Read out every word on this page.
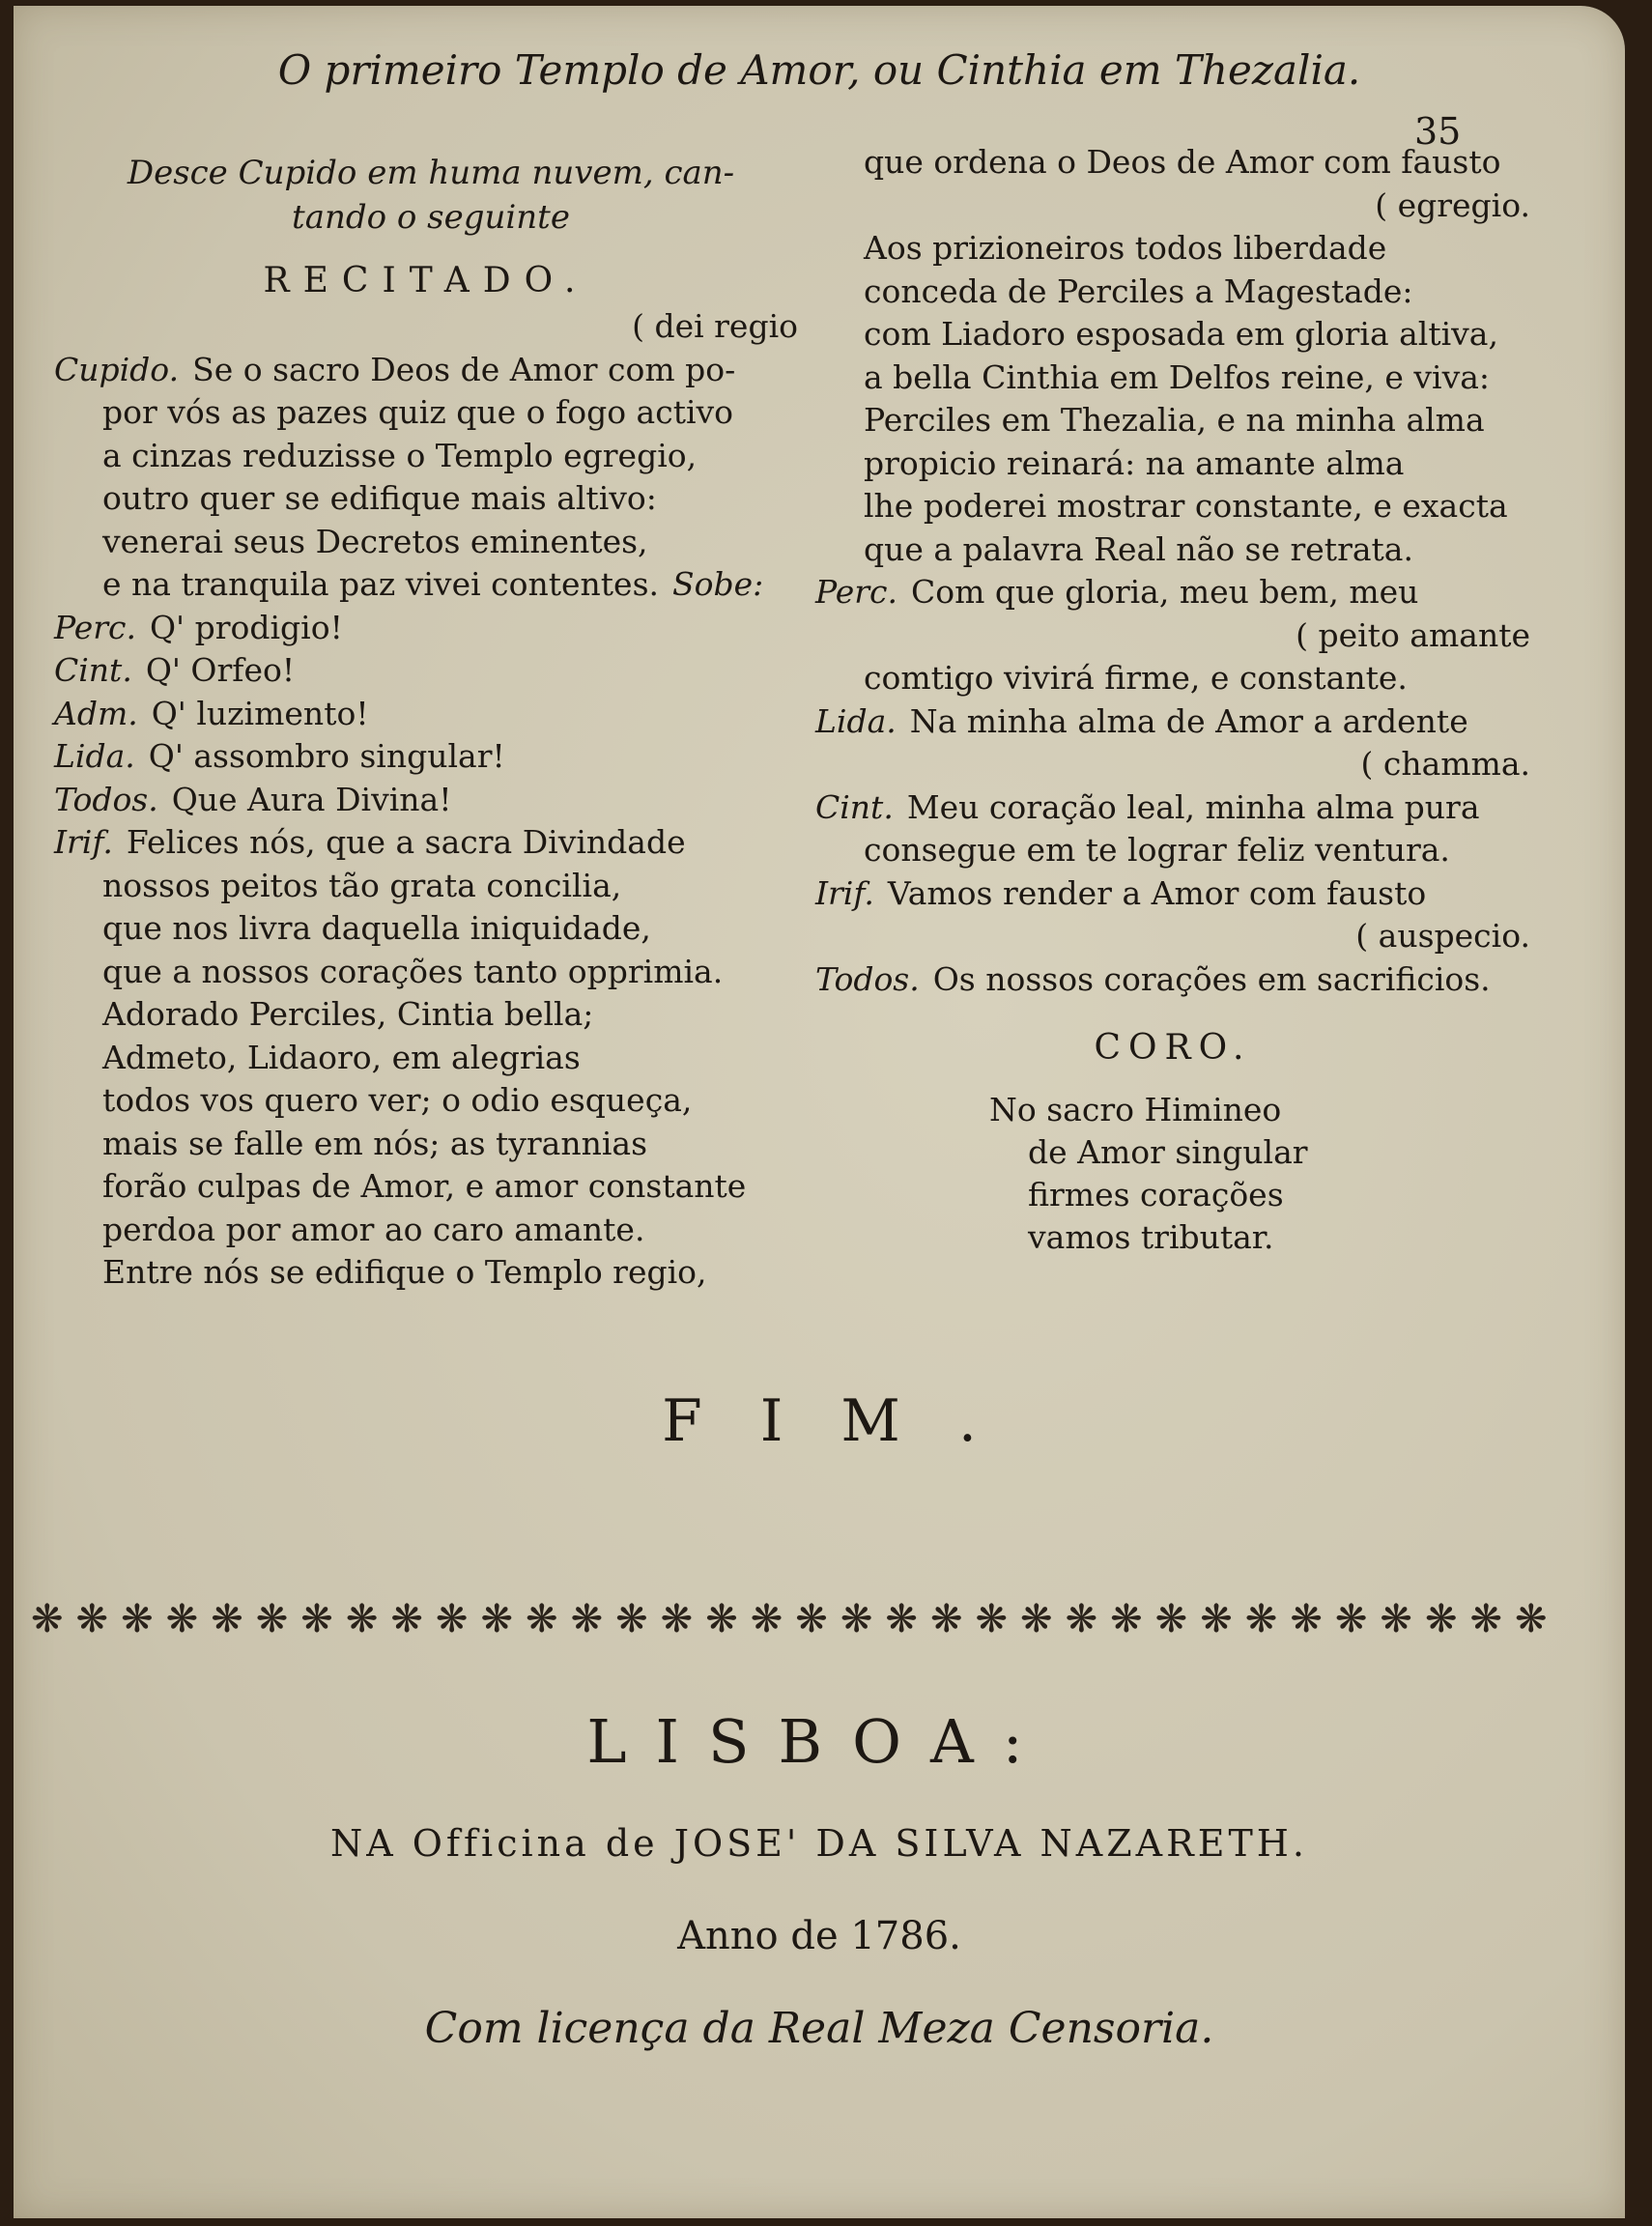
O primeiro Templo de Amor, ou Cinthia em Thezalia.
35
Desce Cupido em huma nuvem, can-
tando o seguinte
RECITADO.
( dei regio
Cupido. Se o sacro Deos de Amor com po-
por vós as pazes quiz que o fogo activo
a cinzas reduzisse o Templo egregio,
outro quer se edifique mais altivo:
venerai seus Decretos eminentes,
e na tranquila paz vivei contentes. Sobe:
Perc. Q' prodigio!
Cint. Q' Orfeo!
Adm. Q' luzimento!
Lida. Q' assombro singular!
Todos. Que Aura Divina!
Irif. Felices nós, que a sacra Divindade
nossos peitos tão grata concilia,
que nos livra daquella iniquidade,
que a nossos corações tanto opprimia.
Adorado Perciles, Cintia bella;
Admeto, Lidaoro, em alegrias
todos vos quero ver; o odio esqueça,
mais se falle em nós; as tyrannias
forão culpas de Amor, e amor constante
perdoa por amor ao caro amante.
Entre nós se edifique o Templo regio,
que ordena o Deos de Amor com fausto
( egregio.
Aos prizioneiros todos liberdade
conceda de Perciles a Magestade:
com Liadoro esposada em gloria altiva,
a bella Cinthia em Delfos reine, e viva:
Perciles em Thezalia, e na minha alma
propicio reinará: na amante alma
lhe poderei mostrar constante, e exacta
que a palavra Real não se retrata.
Perc. Com que gloria, meu bem, meu
( peito amante
comtigo vivirá firme, e constante.
Lida. Na minha alma de Amor a ardente
( chamma.
Cint. Meu coração leal, minha alma pura
consegue em te lograr feliz ventura.
Irif. Vamos render a Amor com fausto
( auspecio.
Todos. Os nossos corações em sacrificios.
CORO.
No sacro Himineo
de Amor singular
firmes corações
vamos tributar.
FIM.
❋ ❋ ❋ ❋ ❋ ❋ ❋ ❋ ❋ ❋ ❋ ❋ ❋ ❋ ❋ ❋ ❋ ❋ ❋ ❋ ❋ ❋ ❋ ❋ ❋ ❋ ❋ ❋ ❋ ❋ ❋ ❋ ❋ ❋
LISBOA:
NA Officina de JOSE' DA SILVA NAZARETH.
Anno de 1786.
Com licença da Real Meza Censoria.
